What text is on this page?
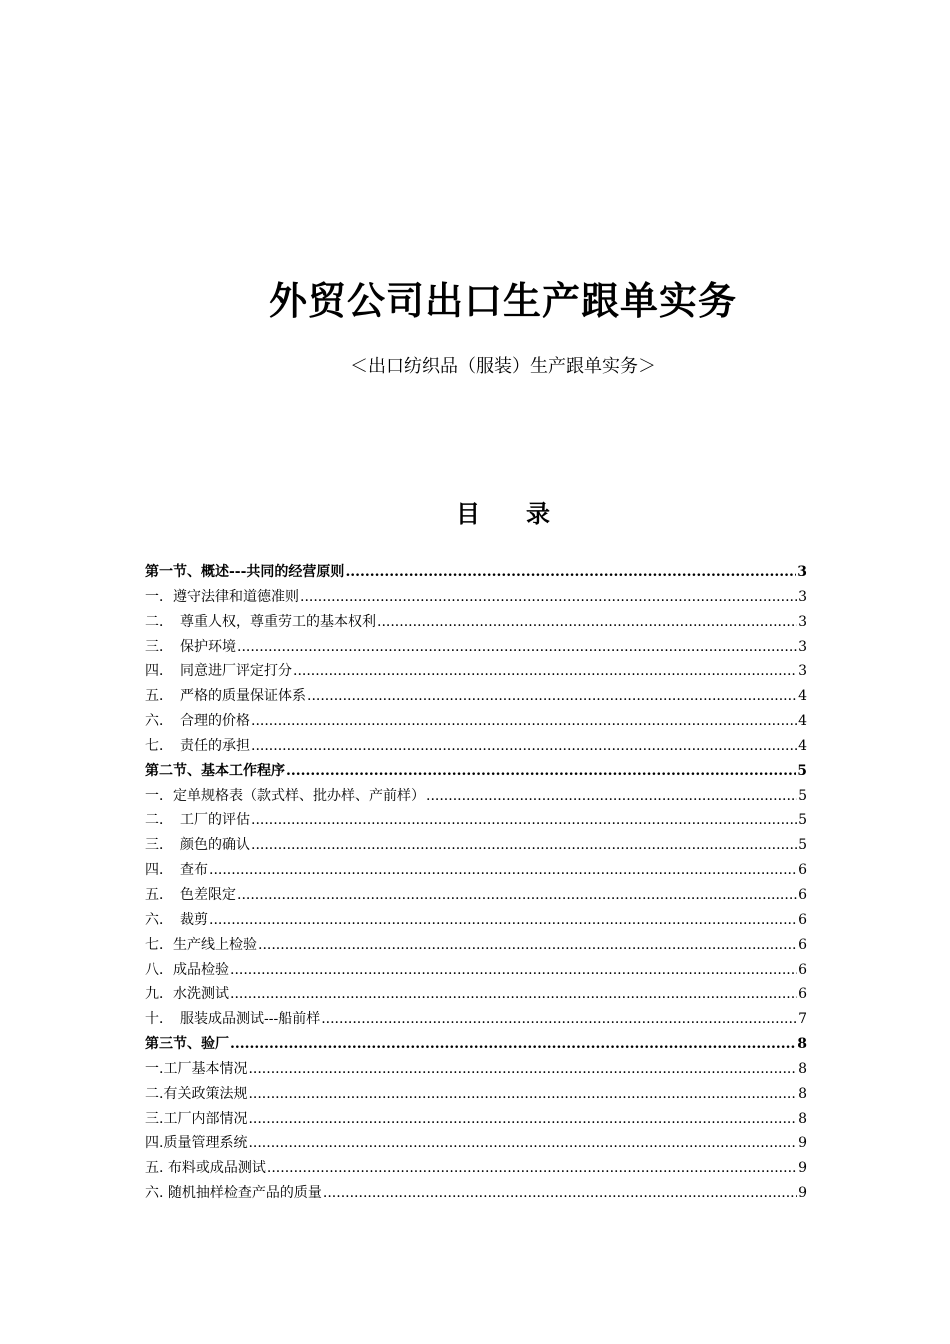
外贸公司出口生产跟单实务
＜出口纺织品（服装）生产跟单实务＞
目 录
第一节、概述---共同的经营原则 .....	3
一．遵守法律和道德准则 .....	3
二．　尊重人权，尊重劳工的基本权利 .....	3
三．　保护环境 .....	3
四．　同意进厂评定打分 .....	3
五．　严格的质量保证体系 .....	4
六．　合理的价格 .....	4
七．　责任的承担 .....	4
第二节、基本工作程序 .....	5
一．定单规格表（款式样、批办样、产前样） .....	5
二．　工厂的评估 .....	5
三．　颜色的确认 .....	5
四．　查布 .....	6
五．　色差限定 .....	6
六．　裁剪 .....	6
七．生产线上检验 .....	6
八．成品检验 .....	6
九．水洗测试 .....	6
十．　服装成品测试---船前样 .....	7
第三节、验厂 .....	8
一.工厂基本情况 .....	8
二.有关政策法规 .....	8
三.工厂内部情况 .....	8
四.质量管理系统 .....	9
五. 布料或成品测试 .....	9
六. 随机抽样检查产品的质量 .....	9
